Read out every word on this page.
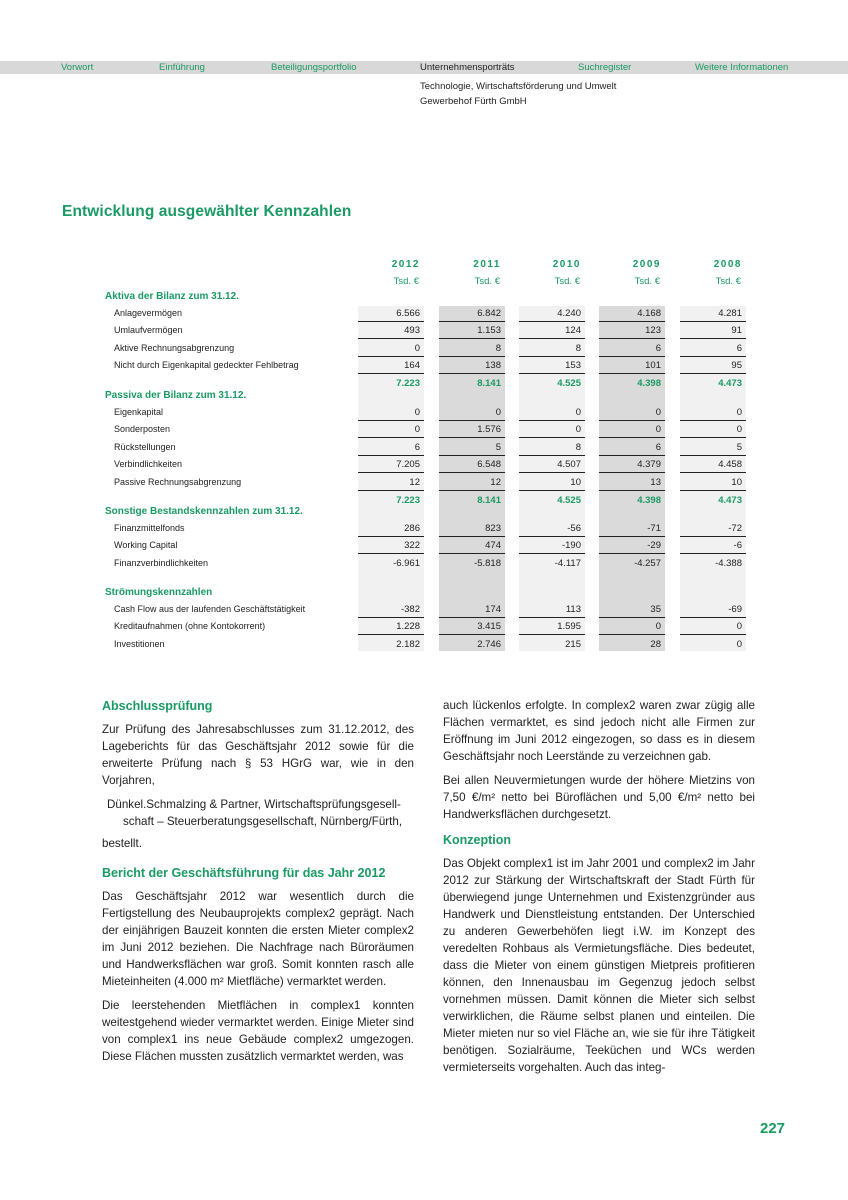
Vorwort	Einführung	Beteiligungsportfolio	Unternehmensporträts	Suchregister	Weitere Informationen
Technologie, Wirtschaftsförderung und Umwelt
Gewerbehof Fürth GmbH
Entwicklung ausgewählter Kennzahlen
2012	2011	2010	2009	2008
Tsd. €	Tsd. €	Tsd. €	Tsd. €	Tsd. €
Aktiva der Bilanz zum 31.12.
Anlagevermögen	6.566	6.842	4.240	4.168	4.281
Umlaufvermögen	493	1.153	124	123	91
Aktive Rechnungsabgrenzung	0	8	8	6	6
Nicht durch Eigenkapital gedeckter Fehlbetrag	164	138	153	101	95
7.223	8.141	4.525	4.398	4.473
Passiva der Bilanz zum 31.12.
Eigenkapital	0	0	0	0	0
Sonderposten	0	1.576	0	0	0
Rückstellungen	6	5	8	6	5
Verbindlichkeiten	7.205	6.548	4.507	4.379	4.458
Passive Rechnungsabgrenzung	12	12	10	13	10
7.223	8.141	4.525	4.398	4.473
Sonstige Bestandskennzahlen zum 31.12.
Finanzmittelfonds	286	823	-56	-71	-72
Working Capital	322	474	-190	-29	-6
Finanzverbindlichkeiten	-6.961	-5.818	-4.117	-4.257	-4.388
Strömungskennzahlen
Cash Flow aus der laufenden Geschäftstätigkeit	-382	174	113	35	-69
Kreditaufnahmen (ohne Kontokorrent)	1.228	3.415	1.595	0	0
Investitionen	2.182	2.746	215	28	0
Abschlussprüfung

Zur Prüfung des Jahresabschlusses zum 31.12.2012, des Lageberichts für das Geschäftsjahr 2012 sowie für die erweiterte Prüfung nach § 53 HGrG war, wie in den Vorjahren,

Dünkel.Schmalzing & Partner, Wirtschaftsprüfungsgesell-

schaft – Steuerberatungsgesellschaft, Nürnberg/Fürth,

bestellt.

Bericht der Geschäftsführung für das Jahr 2012

Das Geschäftsjahr 2012 war wesentlich durch die Fertigstellung des Neubauprojekts complex2 geprägt. Nach der einjährigen Bauzeit konnten die ersten Mieter complex2 im Juni 2012 beziehen. Die Nachfrage nach Büroräumen und Handwerksflächen war groß. Somit konnten rasch alle Mieteinheiten (4.000 m² Mietfläche) vermarktet werden.

Die leerstehenden Mietflächen in complex1 konnten weitestgehend wieder vermarktet werden. Einige Mieter sind von complex1 ins neue Gebäude complex2 umgezogen. Diese Flächen mussten zusätzlich vermarktet werden, was

auch lückenlos erfolgte. In complex2 waren zwar zügig alle Flächen vermarktet, es sind jedoch nicht alle Firmen zur Eröffnung im Juni 2012 eingezogen, so dass es in diesem Geschäftsjahr noch Leerstände zu verzeichnen gab.

Bei allen Neuvermietungen wurde der höhere Mietzins von 7,50 €/m² netto bei Büroflächen und 5,00 €/m² netto bei Handwerksflächen durchgesetzt.

Konzeption

Das Objekt complex1 ist im Jahr 2001 und complex2 im Jahr 2012 zur Stärkung der Wirtschaftskraft der Stadt Fürth für überwiegend junge Unternehmen und Existenzgründer aus Handwerk und Dienstleistung entstanden. Der Unterschied zu anderen Gewerbehöfen liegt i.W. im Konzept des veredelten Rohbaus als Vermietungsfläche. Dies bedeutet, dass die Mieter von einem günstigen Mietpreis profitieren können, den Innenausbau im Gegenzug jedoch selbst vornehmen müssen. Damit können die Mieter sich selbst verwirklichen, die Räume selbst planen und einteilen. Die Mieter mieten nur so viel Fläche an, wie sie für ihre Tätigkeit benötigen. Sozialräume, Teeküchen und WCs werden vermieterseits vorgehalten. Auch das integ-

227
